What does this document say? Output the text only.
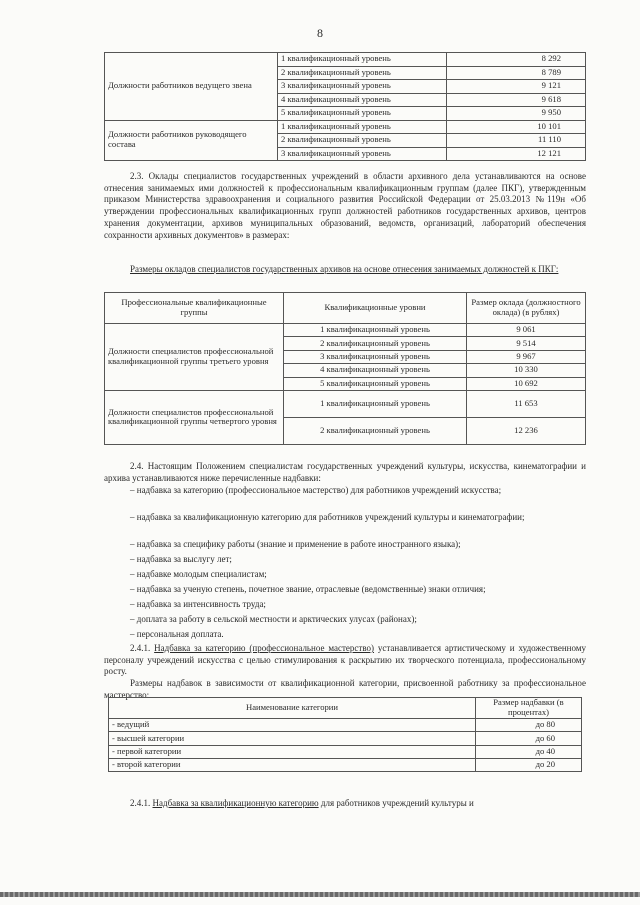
8
Должности работников ведущего звена	1 квалификационный уровень	8 292
	2 квалификационный уровень	8 789
	3 квалификационный уровень	9 121
	4 квалификационный уровень	9 618
	5 квалификационный уровень	9 950
Должности работников руководящего состава	1 квалификационный уровень	10 101
	2 квалификационный уровень	11 110
	3 квалификационный уровень	12 121

2.3. Оклады специалистов государственных учреждений в области архивного дела устанавливаются на основе отнесения занимаемых ими должностей к профессиональным квалификационным группам (далее ПКГ), утвержденным приказом Министерства здравоохранения и социального развития Российской Федерации от 25.03.2013 №119н «Об утверждении профессиональных квалификационных групп должностей работников государственных архивов, центров хранения документации, архивов муниципальных образований, ведомств, организаций, лабораторий обеспечения сохранности архивных документов» в размерах:

Размеры окладов специалистов государственных архивов на основе отнесения занимаемых должностей к ПКГ:

Профессиональные квалификационные группы	Квалификационные уровни	Размер оклада (должностного оклада) (в рублях)
Должности специалистов профессиональной квалификационной группы третьего уровня	1 квалификационный уровень	9 061
	2 квалификационный уровень	9 514
	3 квалификационный уровень	9 967
	4 квалификационный уровень	10 330
	5 квалификационный уровень	10 692
Должности специалистов профессиональной квалификационной группы четвертого уровня	1 квалификационный уровень	11 653
	2 квалификационный уровень	12 236

2.4. Настоящим Положением специалистам государственных учреждений культуры, искусства, кинематографии и архива устанавливаются ниже перечисленные надбавки:

– надбавка за категорию (профессиональное мастерство) для работников учреждений искусства;

– надбавка за квалификационную категорию для работников учреждений культуры и кинематографии;

– надбавка за специфику работы (знание и применение в работе иностранного языка);

– надбавка за выслугу лет;

– надбавке молодым специалистам;

– надбавка за ученую степень, почетное звание, отраслевые (ведомственные) знаки отличия;

– надбавка за интенсивность труда;

– доплата за работу в сельской местности и арктических улусах (районах);

– персональная доплата.

2.4.1. Надбавка за категорию (профессиональное мастерство) устанавливается артистическому и художественному персоналу учреждений искусства с целью стимулирования к раскрытию их творческого потенциала, профессиональному росту.

Размеры надбавок в зависимости от квалификационной категории, присвоенной работнику за профессиональное мастерство:

Наименование категории	Размер надбавки (в процентах)
- ведущий	до 80
- высшей категории	до 60
- первой категории	до 40
- второй категории	до 20

2.4.1. Надбавка за квалификационную категорию для работников учреждений культуры и
